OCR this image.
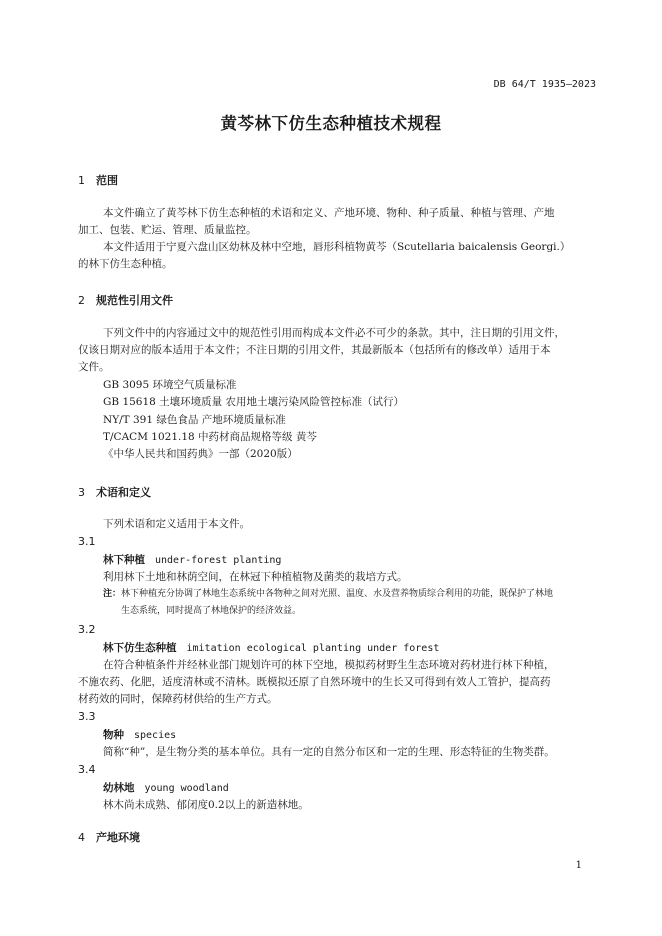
DB 64/T 1935—2023
黄芩林下仿生态种植技术规程
1 范围
本文件确立了黄芩林下仿生态种植的术语和定义、产地环境、物种、种子质量、种植与管理、产地
加工、包装、贮运、管理、质量监控。
本文件适用于宁夏六盘山区幼林及林中空地，唇形科植物黄芩（Scutellaria baicalensis Georgi.）
的林下仿生态种植。
2 规范性引用文件
下列文件中的内容通过文中的规范性引用而构成本文件必不可少的条款。其中，注日期的引用文件，
仅该日期对应的版本适用于本文件；不注日期的引用文件，其最新版本（包括所有的修改单）适用于本
文件。
GB 3095 环境空气质量标准
GB 15618 土壤环境质量 农用地土壤污染风险管控标准（试行）
NY/T 391 绿色食品 产地环境质量标准
T/CACM 1021.18 中药材商品规格等级 黄芩
《中华人民共和国药典》一部（2020版）
3 术语和定义
下列术语和定义适用于本文件。
3.1
林下种植 under-forest planting
利用林下土地和林荫空间，在林冠下种植植物及菌类的栽培方式。
注：林下种植充分协调了林地生态系统中各物种之间对光照、温度、水及营养物质综合利用的功能，既保护了林地
生态系统，同时提高了林地保护的经济效益。
3.2
林下仿生态种植 imitation ecological planting under forest
在符合种植条件并经林业部门规划许可的林下空地，模拟药材野生生态环境对药材进行林下种植，
不施农药、化肥，适度清林或不清林。既模拟还原了自然环境中的生长又可得到有效人工管护，提高药
材药效的同时，保障药材供给的生产方式。
3.3
物种 species
简称“种”，是生物分类的基本单位。具有一定的自然分布区和一定的生理、形态特征的生物类群。
3.4
幼林地 young woodland
林木尚未成熟、郁闭度0.2以上的新造林地。
4 产地环境
1
